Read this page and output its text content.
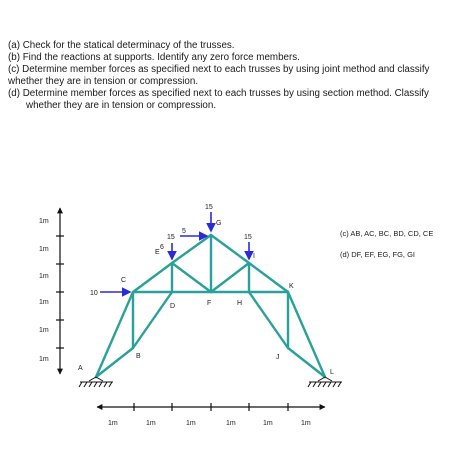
(a) Check for the statical determinacy of the trusses.

(b) Find the reactions at supports. Identify any zero force members.

(c) Determine member forces as specified next to each trusses by using joint method and classify

whether they are in tension or compression.

(d) Determine member forces as specified next to each trusses by using section method. Classify

whether they are in tension or compression.

10
6
15
5
15
15
A
B
C
D
E
F
G
H
I
J
K
L
1m
1m
1m
1m
1m
1m
1m	1m	1m	1m	1m	1m
(c) AB, AC, BC, BD, CD, CE
(d) DF, EF, EG, FG, GI
